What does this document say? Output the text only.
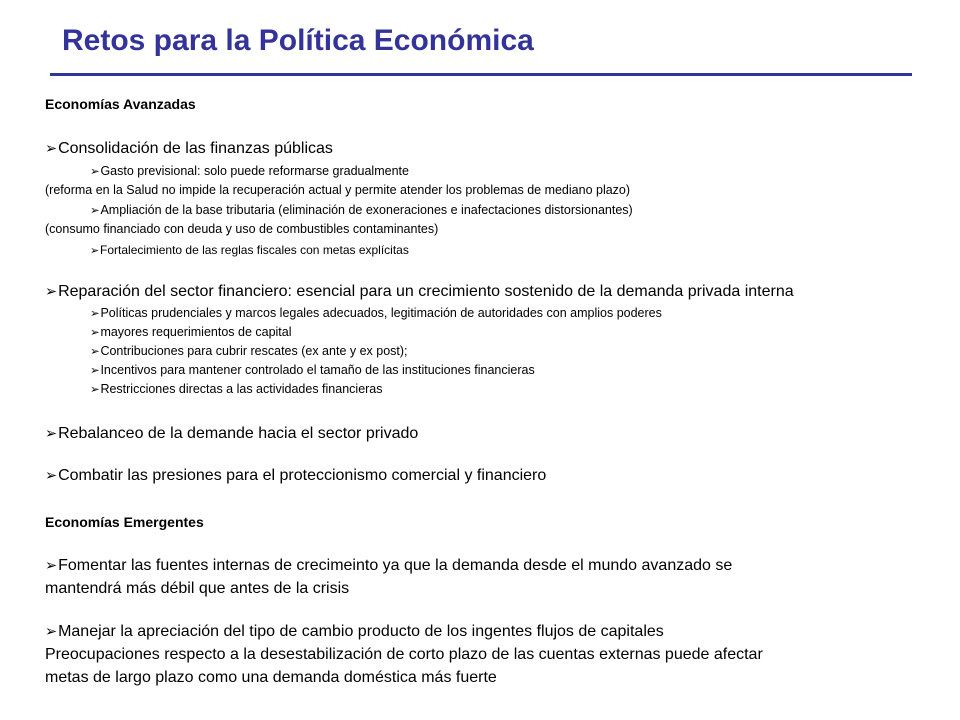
Retos para la Política Económica
Economías Avanzadas
➢Consolidación de las finanzas públicas
➢Gasto previsional: solo puede reformarse gradualmente
(reforma en la Salud no impide la recuperación actual y permite atender los problemas de mediano plazo)
➢Ampliación de la base tributaria (eliminación de exoneraciones e inafectaciones distorsionantes)
(consumo financiado con deuda y uso de combustibles contaminantes)
➢Fortalecimiento de las reglas fiscales con metas explícitas
➢Reparación del sector financiero: esencial para un crecimiento sostenido de la demanda privada interna
➢Políticas prudenciales y marcos legales adecuados, legitimación de autoridades con amplios poderes
➢mayores requerimientos de capital
➢Contribuciones para cubrir rescates (ex ante y ex post);
➢Incentivos para mantener controlado el tamaño de las instituciones financieras
➢Restricciones directas a las actividades financieras
➢Rebalanceo de la demande hacia el sector privado
➢Combatir las presiones para el proteccionismo comercial y financiero
Economías Emergentes
➢Fomentar las fuentes internas de crecimeinto ya que la demanda desde el mundo avanzado se
mantendrá más débil que antes de la crisis
➢Manejar la apreciación del tipo de cambio producto de los ingentes flujos de capitales
Preocupaciones respecto a la desestabilización de corto plazo de las cuentas externas puede afectar
metas de largo plazo como una demanda doméstica más fuerte
